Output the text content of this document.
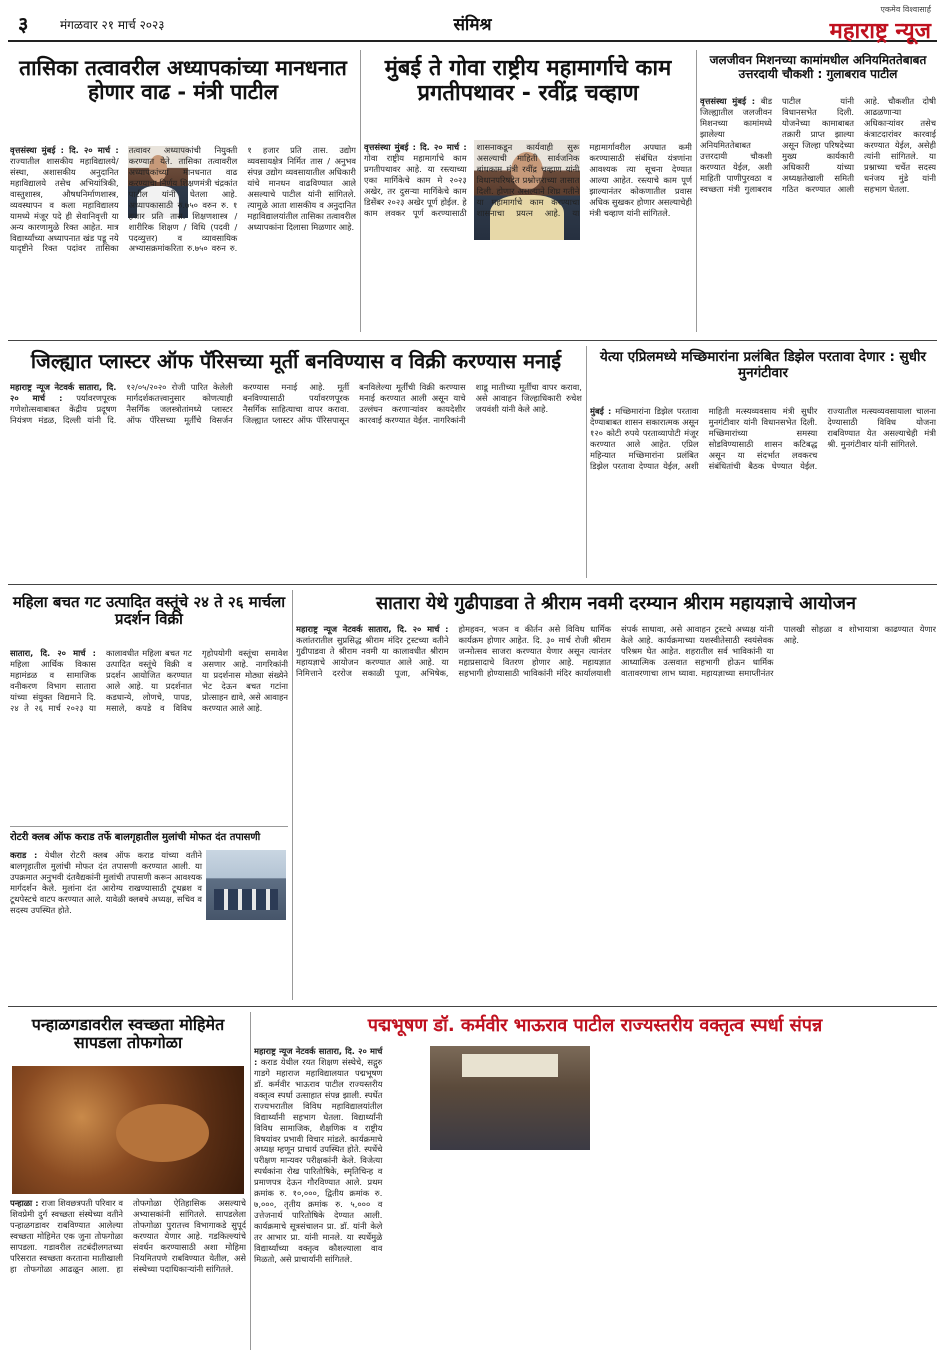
३	मंगळवार २१ मार्च २०२३	संमिश्र
एकमेव विश्वासार्ह
महाराष्ट्र न्यूज
तासिका तत्वावरील अध्यापकांच्या मानधनात होणार वाढ - मंत्री पाटील
वृत्तसंस्था मुंबई : दि. २० मार्च : राज्यातील शासकीय महाविद्यालये/संस्था, अशासकीय अनुदानित महाविद्यालये तसेच अभियांत्रिकी, वास्तुशास्त्र, औषधनिर्माणशास्त्र, व्यवस्थापन व कला महाविद्यालय यामध्ये मंजूर पदे ही सेवानिवृत्ती या अन्य कारणामुळे रिक्त आहेत. मात्र विद्यार्थ्यांच्या अध्यापनात खंड पडू नये यादृष्टीने रिक्त पदांवर तासिका तत्वावर अध्यापकांची नियुक्ती करण्यात येते. तासिका तत्वावरील अध्यापकांच्या मानधनात वाढ करण्याचा निर्णय शिक्षणमंत्री चंद्रकांत पाटील यांनी घेतला आहे. अध्यापकासाठी रु.७५० वरुन रु. १ हजार प्रति तास. शिक्षणशास्त्र / शारीरिक शिक्षण / विधि (पदवी / पदव्युत्तर) व व्यावसायिक अभ्यासक्रमांकरिता रु.७५० वरुन रु. १ हजार प्रति तास. उद्योग व्यवसायक्षेत्र निर्मित तास / अनुभव संपन्न उद्योग व्यवसायातील अधिकारी यांचे मानधन वाढविण्यात आले असल्याचे पाटील यांनी सांगितले. त्यामुळे आता शासकीय व अनुदानित महाविद्यालयांतील तासिका तत्वावरील अध्यापकांना दिलासा मिळणार आहे.
मुंबई ते गोवा राष्ट्रीय महामार्गाचे काम प्रगतीपथावर - रवींद्र चव्हाण
वृत्तसंस्था मुंबई : दि. २० मार्च : गोवा राष्ट्रीय महामार्गाचे काम प्रगतीपथावर आहे. या रस्त्याच्या एका मार्गिकेचे काम मे २०२३ अखेर, तर दुसऱ्या मार्गिकेचे काम डिसेंबर २०२३ अखेर पूर्ण होईल. हे काम लवकर पूर्ण करण्यासाठी शासनाकडून कार्यवाही सुरू असल्याची माहिती सार्वजनिक बांधकाम मंत्री रवींद्र चव्हाण यांनी विधानपरिषदेत प्रश्नोत्तराच्या तासात दिली. होणार असल्याने शिघ्र गतीने या महामार्गाचे काम करण्याचा शासनाचा प्रयत्न आहे. या महामार्गावरील अपघात कमी करण्यासाठी संबंधित यंत्रणांना आवश्यक त्या सूचना देण्यात आल्या आहेत. रस्त्याचे काम पूर्ण झाल्यानंतर कोकणातील प्रवास अधिक सुखकर होणार असल्याचेही मंत्री चव्हाण यांनी सांगितले.
जलजीवन मिशनच्या कामांमधील अनियमिततेबाबत उत्तरदायी चौकशी : गुलाबराव पाटील
वृत्तसंस्था मुंबई : बीड जिल्ह्यातील जलजीवन मिशनच्या कामांमध्ये झालेल्या अनियमिततेबाबत उत्तरदायी चौकशी करण्यात येईल, अशी माहिती पाणीपुरवठा व स्वच्छता मंत्री गुलाबराव पाटील यांनी विधानसभेत दिली. योजनेच्या कामाबाबत तक्रारी प्राप्त झाल्या असून जिल्हा परिषदेच्या मुख्य कार्यकारी अधिकारी यांच्या अध्यक्षतेखाली समिती गठित करण्यात आली आहे. चौकशीत दोषी आढळणाऱ्या अधिकाऱ्यांवर तसेच कंत्राटदारांवर कारवाई करण्यात येईल, असेही त्यांनी सांगितले. या प्रश्नाच्या चर्चेत सदस्य धनंजय मुंडे यांनी सहभाग घेतला.
जिल्ह्यात प्लास्टर ऑफ पॅरिसच्या मूर्ती बनविण्यास व विक्री करण्यास मनाई
महाराष्ट्र न्यूज नेटवर्क सातारा, दि. २० मार्च : पर्यावरणपूरक गणेशोत्सवाबाबत केंद्रीय प्रदूषण नियंत्रण मंडळ, दिल्ली यांनी दि. १२/०५/२०२० रोजी पारित केलेली मार्गदर्शकतत्त्वानुसार कोणत्याही नैसर्गिक जलस्त्रोतांमध्ये प्लास्टर ऑफ पॅरिसच्या मूर्तींचे विसर्जन करण्यास मनाई आहे. मूर्ती बनविण्यासाठी पर्यावरणपूरक नैसर्गिक साहित्याचा वापर करावा. जिल्ह्यात प्लास्टर ऑफ पॅरिसपासून बनविलेल्या मूर्तींची विक्री करण्यास मनाई करण्यात आली असून याचे उल्लंघन करणाऱ्यांवर कायदेशीर कारवाई करण्यात येईल. नागरिकांनी शाडू मातीच्या मूर्तींचा वापर करावा, असे आवाहन जिल्हाधिकारी रुचेश जयवंशी यांनी केले आहे.
येत्या एप्रिलमध्ये मच्छिमारांना प्रलंबित डिझेल परतावा देणार : सुधीर मुनगंटीवार
मुंबई : मच्छिमारांना डिझेल परतावा देण्याबाबत शासन सकारात्मक असून १२० कोटी रुपये परताव्यापोटी मंजूर करण्यात आले आहेत. एप्रिल महिन्यात मच्छिमारांना प्रलंबित डिझेल परतावा देण्यात येईल, अशी माहिती मत्स्यव्यवसाय मंत्री सुधीर मुनगंटीवार यांनी विधानसभेत दिली. मच्छिमारांच्या समस्या सोडविण्यासाठी शासन कटिबद्ध असून या संदर्भात लवकरच संबंधितांची बैठक घेण्यात येईल. राज्यातील मत्स्यव्यवसायाला चालना देण्यासाठी विविध योजना राबविण्यात येत असल्याचेही मंत्री श्री. मुनगंटीवार यांनी सांगितले.
महिला बचत गट उत्पादित वस्तूंचे २४ ते २६ मार्चला प्रदर्शन विक्री
सातारा, दि. २० मार्च : महिला आर्थिक विकास महामंडळ व सामाजिक वनीकरण विभाग सातारा यांच्या संयुक्त विद्यमाने दि. २४ ते २६ मार्च २०२३ या कालावधीत महिला बचत गट उत्पादित वस्तूंचे विक्री व प्रदर्शन आयोजित करण्यात आले आहे. या प्रदर्शनात कडधान्ये, लोणचे, पापड, मसाले, कपडे व विविध गृहोपयोगी वस्तूंचा समावेश असणार आहे. नागरिकांनी या प्रदर्शनास मोठ्या संख्येने भेट देऊन बचत गटांना प्रोत्साहन द्यावे, असे आवाहन करण्यात आले आहे.
रोटरी क्लब ऑफ कराड तर्फे बालगृहातील मुलांची मोफत दंत तपासणी
कराड : येथील रोटरी क्लब ऑफ कराड यांच्या वतीने बालगृहातील मुलांची मोफत दंत तपासणी करण्यात आली. या उपक्रमात अनुभवी दंतवैद्यकांनी मुलांची तपासणी करून आवश्यक मार्गदर्शन केले. मुलांना दंत आरोग्य राखण्यासाठी टूथब्रश व टूथपेस्टचे वाटप करण्यात आले. यावेळी क्लबचे अध्यक्ष, सचिव व सदस्य उपस्थित होते.
सातारा येथे गुढीपाडवा ते श्रीराम नवमी दरम्यान श्रीराम महायज्ञाचे आयोजन
महाराष्ट्र न्यूज नेटवर्क सातारा, दि. २० मार्च : कलांतरातील सुप्रसिद्ध श्रीराम मंदिर ट्रस्टच्या वतीने गुढीपाडवा ते श्रीराम नवमी या कालावधीत श्रीराम महायज्ञाचे आयोजन करण्यात आले आहे. या निमित्ताने दररोज सकाळी पूजा, अभिषेक, होमहवन, भजन व कीर्तन असे विविध धार्मिक कार्यक्रम होणार आहेत. दि. ३० मार्च रोजी श्रीराम जन्मोत्सव साजरा करण्यात येणार असून त्यानंतर महाप्रसादाचे वितरण होणार आहे. महायज्ञात सहभागी होण्यासाठी भाविकांनी मंदिर कार्यालयाशी संपर्क साधावा, असे आवाहन ट्रस्टचे अध्यक्ष यांनी केले आहे. कार्यक्रमाच्या यशस्वीतेसाठी स्वयंसेवक परिश्रम घेत आहेत. शहरातील सर्व भाविकांनी या आध्यात्मिक उत्सवात सहभागी होऊन धार्मिक वातावरणाचा लाभ घ्यावा. महायज्ञाच्या समाप्तीनंतर पालखी सोहळा व शोभायात्रा काढण्यात येणार आहे.
पन्हाळगडावरील स्वच्छता मोहिमेत सापडला तोफगोळा
पन्हाळा : राजा शिवछत्रपती परिवार व शिवप्रेमी दुर्ग स्वच्छता संस्थेच्या वतीने पन्हाळगडावर राबविण्यात आलेल्या स्वच्छता मोहिमेत एक जुना तोफगोळा सापडला. गडावरील तटबंदीलगतच्या परिसरात स्वच्छता करताना मातीखाली हा तोफगोळा आढळून आला. हा तोफगोळा ऐतिहासिक असल्याचे अभ्यासकांनी सांगितले. सापडलेला तोफगोळा पुरातत्त्व विभागाकडे सुपूर्द करण्यात येणार आहे. गडकिल्ल्यांचे संवर्धन करण्यासाठी अशा मोहिमा नियमितपणे राबविण्यात येतील, असे संस्थेच्या पदाधिकाऱ्यांनी सांगितले.
पद्मभूषण डॉ. कर्मवीर भाऊराव पाटील राज्यस्तरीय वक्तृत्व स्पर्धा संपन्न
महाराष्ट्र न्यूज नेटवर्क सातारा, दि. २० मार्च : कराड येथील रयत शिक्षण संस्थेचे, सद्गुरु गाडगे महाराज महाविद्यालयात पद्मभूषण डॉ. कर्मवीर भाऊराव पाटील राज्यस्तरीय वक्तृत्व स्पर्धा उत्साहात संपन्न झाली. स्पर्धेत राज्यभरातील विविध महाविद्यालयांतील विद्यार्थ्यांनी सहभाग घेतला. विद्यार्थ्यांनी विविध सामाजिक, शैक्षणिक व राष्ट्रीय विषयांवर प्रभावी विचार मांडले. कार्यक्रमाचे अध्यक्ष म्हणून प्राचार्य उपस्थित होते. स्पर्धेचे परीक्षण मान्यवर परीक्षकांनी केले. विजेत्या स्पर्धकांना रोख पारितोषिके, स्मृतिचिन्ह व प्रमाणपत्र देऊन गौरविण्यात आले. प्रथम क्रमांक रु. १०,०००, द्वितीय क्रमांक रु. ७,०००, तृतीय क्रमांक रु. ५,००० व उत्तेजनार्थ पारितोषिके देण्यात आली. कार्यक्रमाचे सूत्रसंचालन प्रा. डॉ. यांनी केले तर आभार प्रा. यांनी मानले. या स्पर्धेमुळे विद्यार्थ्यांच्या वक्तृत्व कौशल्याला वाव मिळतो, असे प्राचार्यांनी सांगितले.
